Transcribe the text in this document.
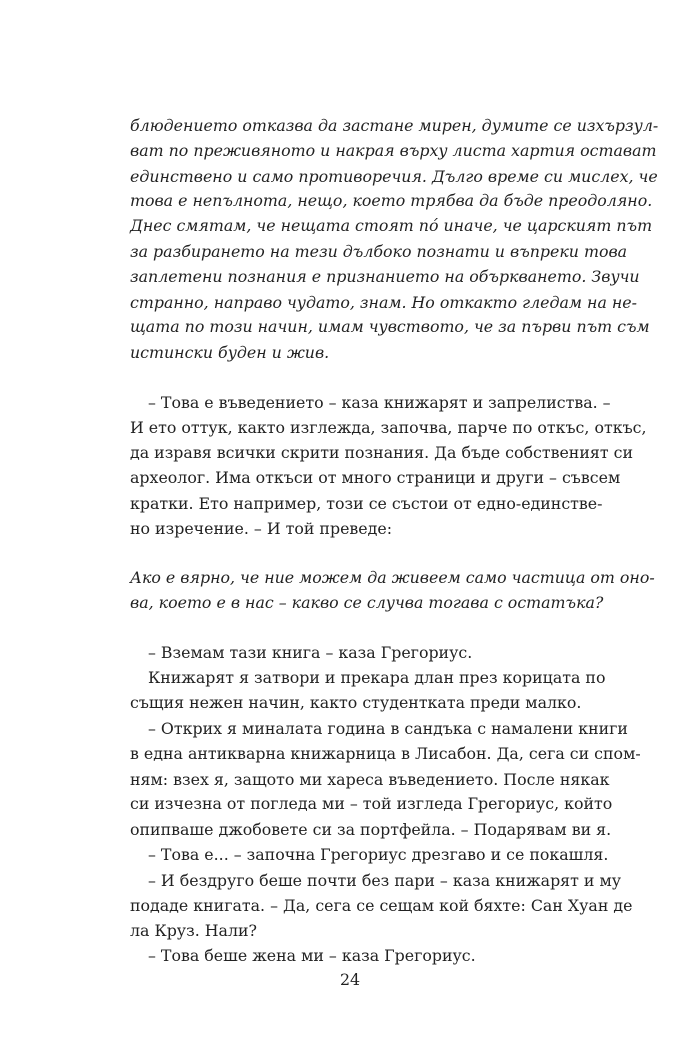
блюдението отказва да застане мирен, думите се изхързул-
ват по преживяното и накрая върху листа хартия остават
единствено и само противоречия. Дълго време си мислех, че
това е непълнота, нещо, което трябва да бъде преодоляно.
Днес смятам, че нещата стоят пó иначе, че царският път
за разбирането на тези дълбоко познати и въпреки това
заплетени познания е признанието на объркването. Звучи
странно, направо чудато, знам. Но откакто гледам на не-
щата по този начин, имам чувството, че за първи път съм
истински буден и жив.
– Това е въведението – каза книжарят и запрелиства. –
И ето оттук, както изглежда, започва, парче по откъс, откъс,
да изравя всички скрити познания. Да бъде собственият си
археолог. Има откъси от много страници и други – съвсем
кратки. Ето например, този се състои от едно-единстве-
но изречение. – И той преведе:
Ако е вярно, че ние можем да живеем само частица от оно-
ва, което е в нас – какво се случва тогава с остатъка?
– Вземам тази книга – каза Грегориус.
Книжарят я затвори и прекара длан през корицата по
същия нежен начин, както студентката преди малко.
– Открих я миналата година в сандъка с намалени книги
в една антикварна книжарница в Лисабон. Да, сега си спом-
ням: взех я, защото ми хареса въведението. После някак
си изчезна от погледа ми – той изгледа Грегориус, който
опипваше джобовете си за портфейла. – Подарявам ви я.
– Това е... – започна Грегориус дрезгаво и се покашля.
– И бездруго беше почти без пари – каза книжарят и му
подаде книгата. – Да, сега се сещам кой бяхте: Сан Хуан де
ла Круз. Нали?
– Това беше жена ми – каза Грегориус.
24
